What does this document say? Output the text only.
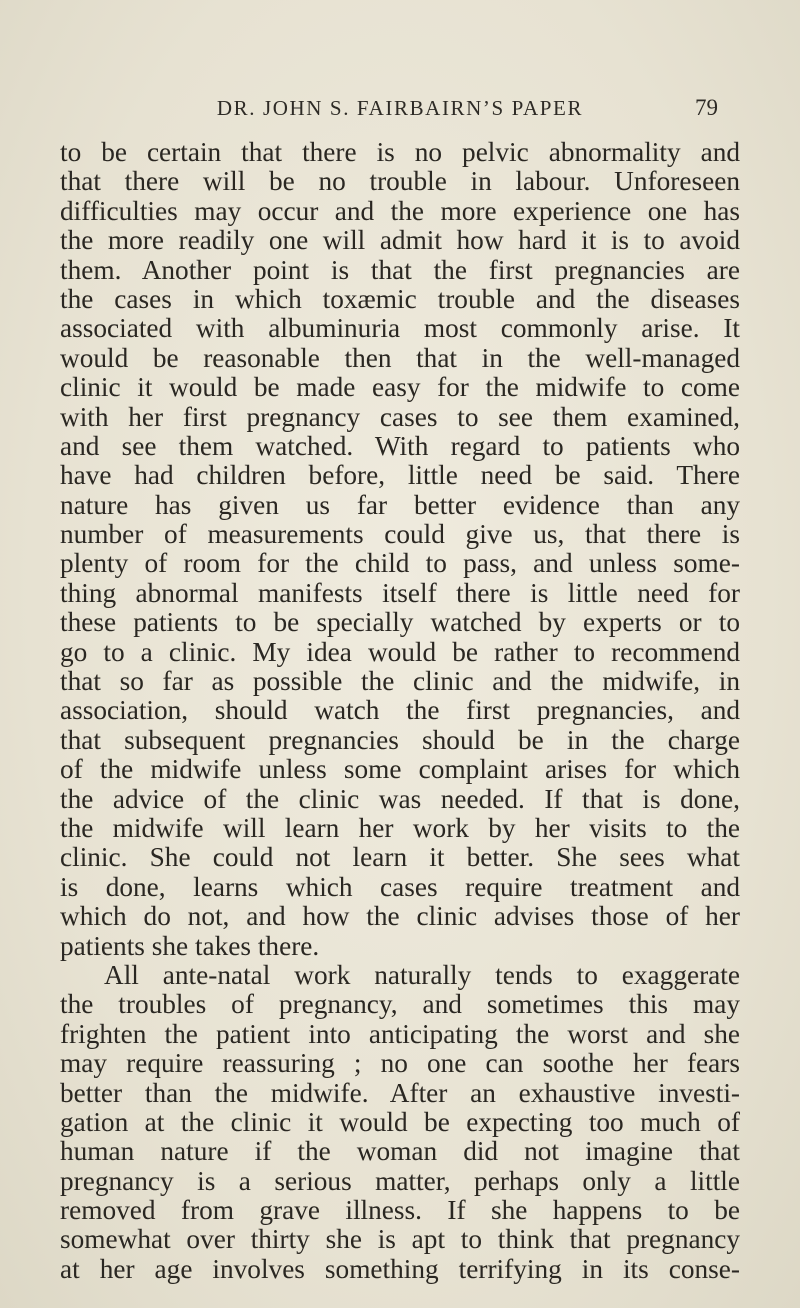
DR. JOHN S. FAIRBAIRN’S PAPER	79
to be certain that there is no pelvic abnormality and
that there will be no trouble in labour. Unforeseen
difficulties may occur and the more experience one has
the more readily one will admit how hard it is to avoid
them. Another point is that the first pregnancies are
the cases in which toxæmic trouble and the diseases
associated with albuminuria most commonly arise. It
would be reasonable then that in the well-managed
clinic it would be made easy for the midwife to come
with her first pregnancy cases to see them examined,
and see them watched. With regard to patients who
have had children before, little need be said. There
nature has given us far better evidence than any
number of measurements could give us, that there is
plenty of room for the child to pass, and unless some-
thing abnormal manifests itself there is little need for
these patients to be specially watched by experts or to
go to a clinic. My idea would be rather to recommend
that so far as possible the clinic and the midwife, in
association, should watch the first pregnancies, and
that subsequent pregnancies should be in the charge
of the midwife unless some complaint arises for which
the advice of the clinic was needed. If that is done,
the midwife will learn her work by her visits to the
clinic. She could not learn it better. She sees what
is done, learns which cases require treatment and
which do not, and how the clinic advises those of her
patients she takes there.
All ante-natal work naturally tends to exaggerate
the troubles of pregnancy, and sometimes this may
frighten the patient into anticipating the worst and she
may require reassuring ; no one can soothe her fears
better than the midwife. After an exhaustive investi-
gation at the clinic it would be expecting too much of
human nature if the woman did not imagine that
pregnancy is a serious matter, perhaps only a little
removed from grave illness. If she happens to be
somewhat over thirty she is apt to think that pregnancy
at her age involves something terrifying in its conse-
